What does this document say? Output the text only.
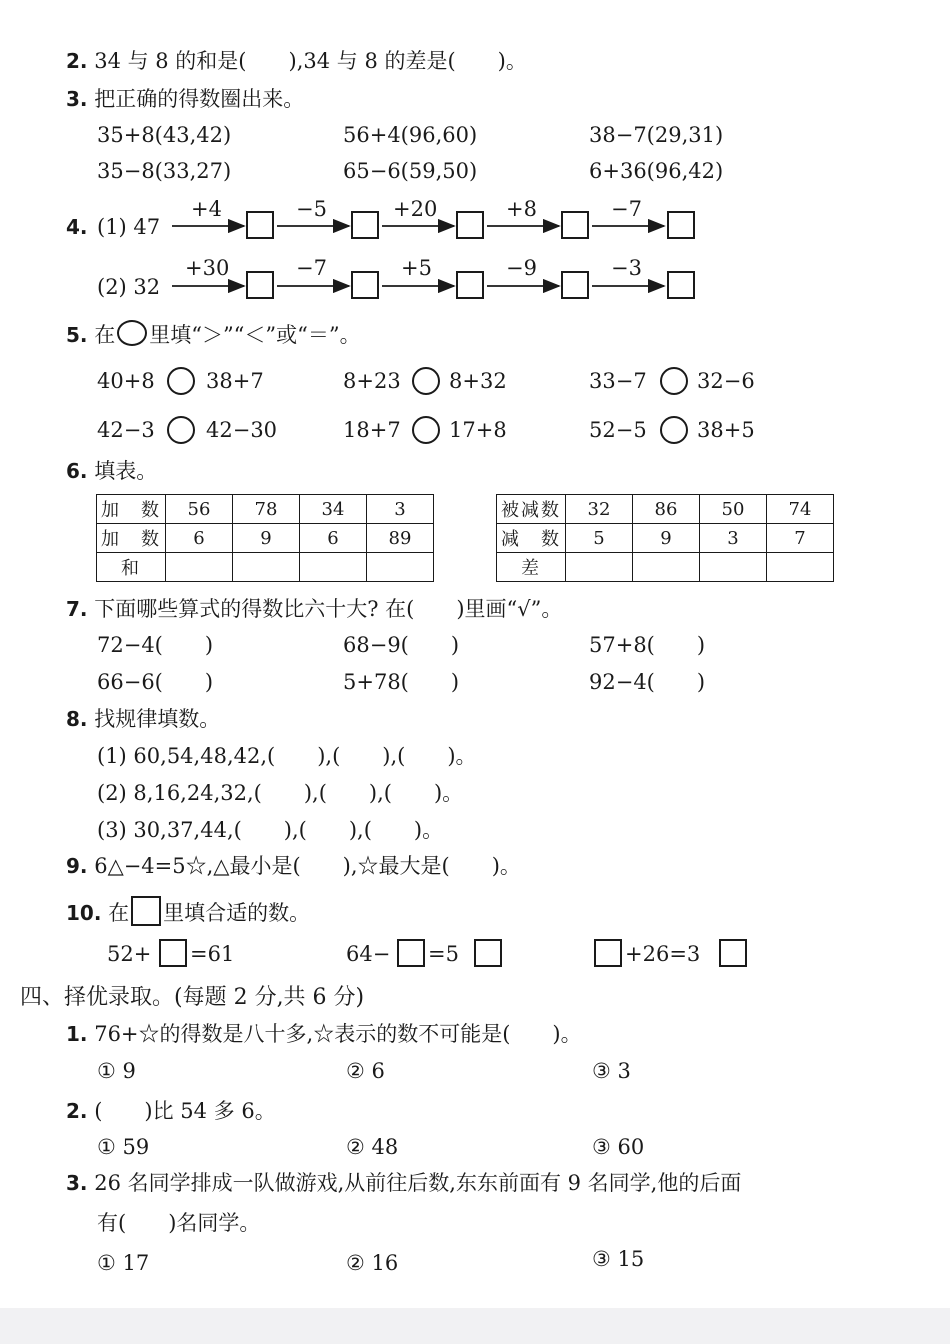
2. 34 与 8 的和是(　　),34 与 8 的差是(　　)。
3. 把正确的得数圈出来。
35+8(43,42)	56+4(96,60)	38−7(29,31)
35−8(33,27)	65−6(59,50)	6+36(96,42)
4. (1) 47
+4	−5	+20	+8	−7
(2) 32
+30	−7	+5	−9	−3
5. 在 里填“＞”“＜”或“＝”。
40+8 38+7	8+23 8+32	33−7 32−6
42−3 42−30	18+7 17+8	52−5 38+5
6. 填表。
加　数	56	78	34	3
加　数	6	9	6	89
和				
被减数	32	86	50	74
减　数	5	9	3	7
差				
7. 下面哪些算式的得数比六十大? 在(　　)里画“√”。
72−4(　　)	68−9(　　)	57+8(　　)
66−6(　　)	5+78(　　)	92−4(　　)
8. 找规律填数。
(1) 60,54,48,42,(　　),(　　),(　　)。
(2) 8,16,24,32,(　　),(　　),(　　)。
(3) 30,37,44,(　　),(　　),(　　)。
9. 6△−4=5☆,△最小是(　　),☆最大是(　　)。
10. 在 里填合适的数。
52+ =61	64− =5	+26=3
四、择优录取。(每题 2 分,共 6 分)
1. 76+☆的得数是八十多,☆表示的数不可能是(　　)。
① 9	② 6	③ 3
2. (　　)比 54 多 6。
① 59	② 48	③ 60
3. 26 名同学排成一队做游戏,从前往后数,东东前面有 9 名同学,他的后面
有(　　)名同学。
① 17	② 16	③ 15
